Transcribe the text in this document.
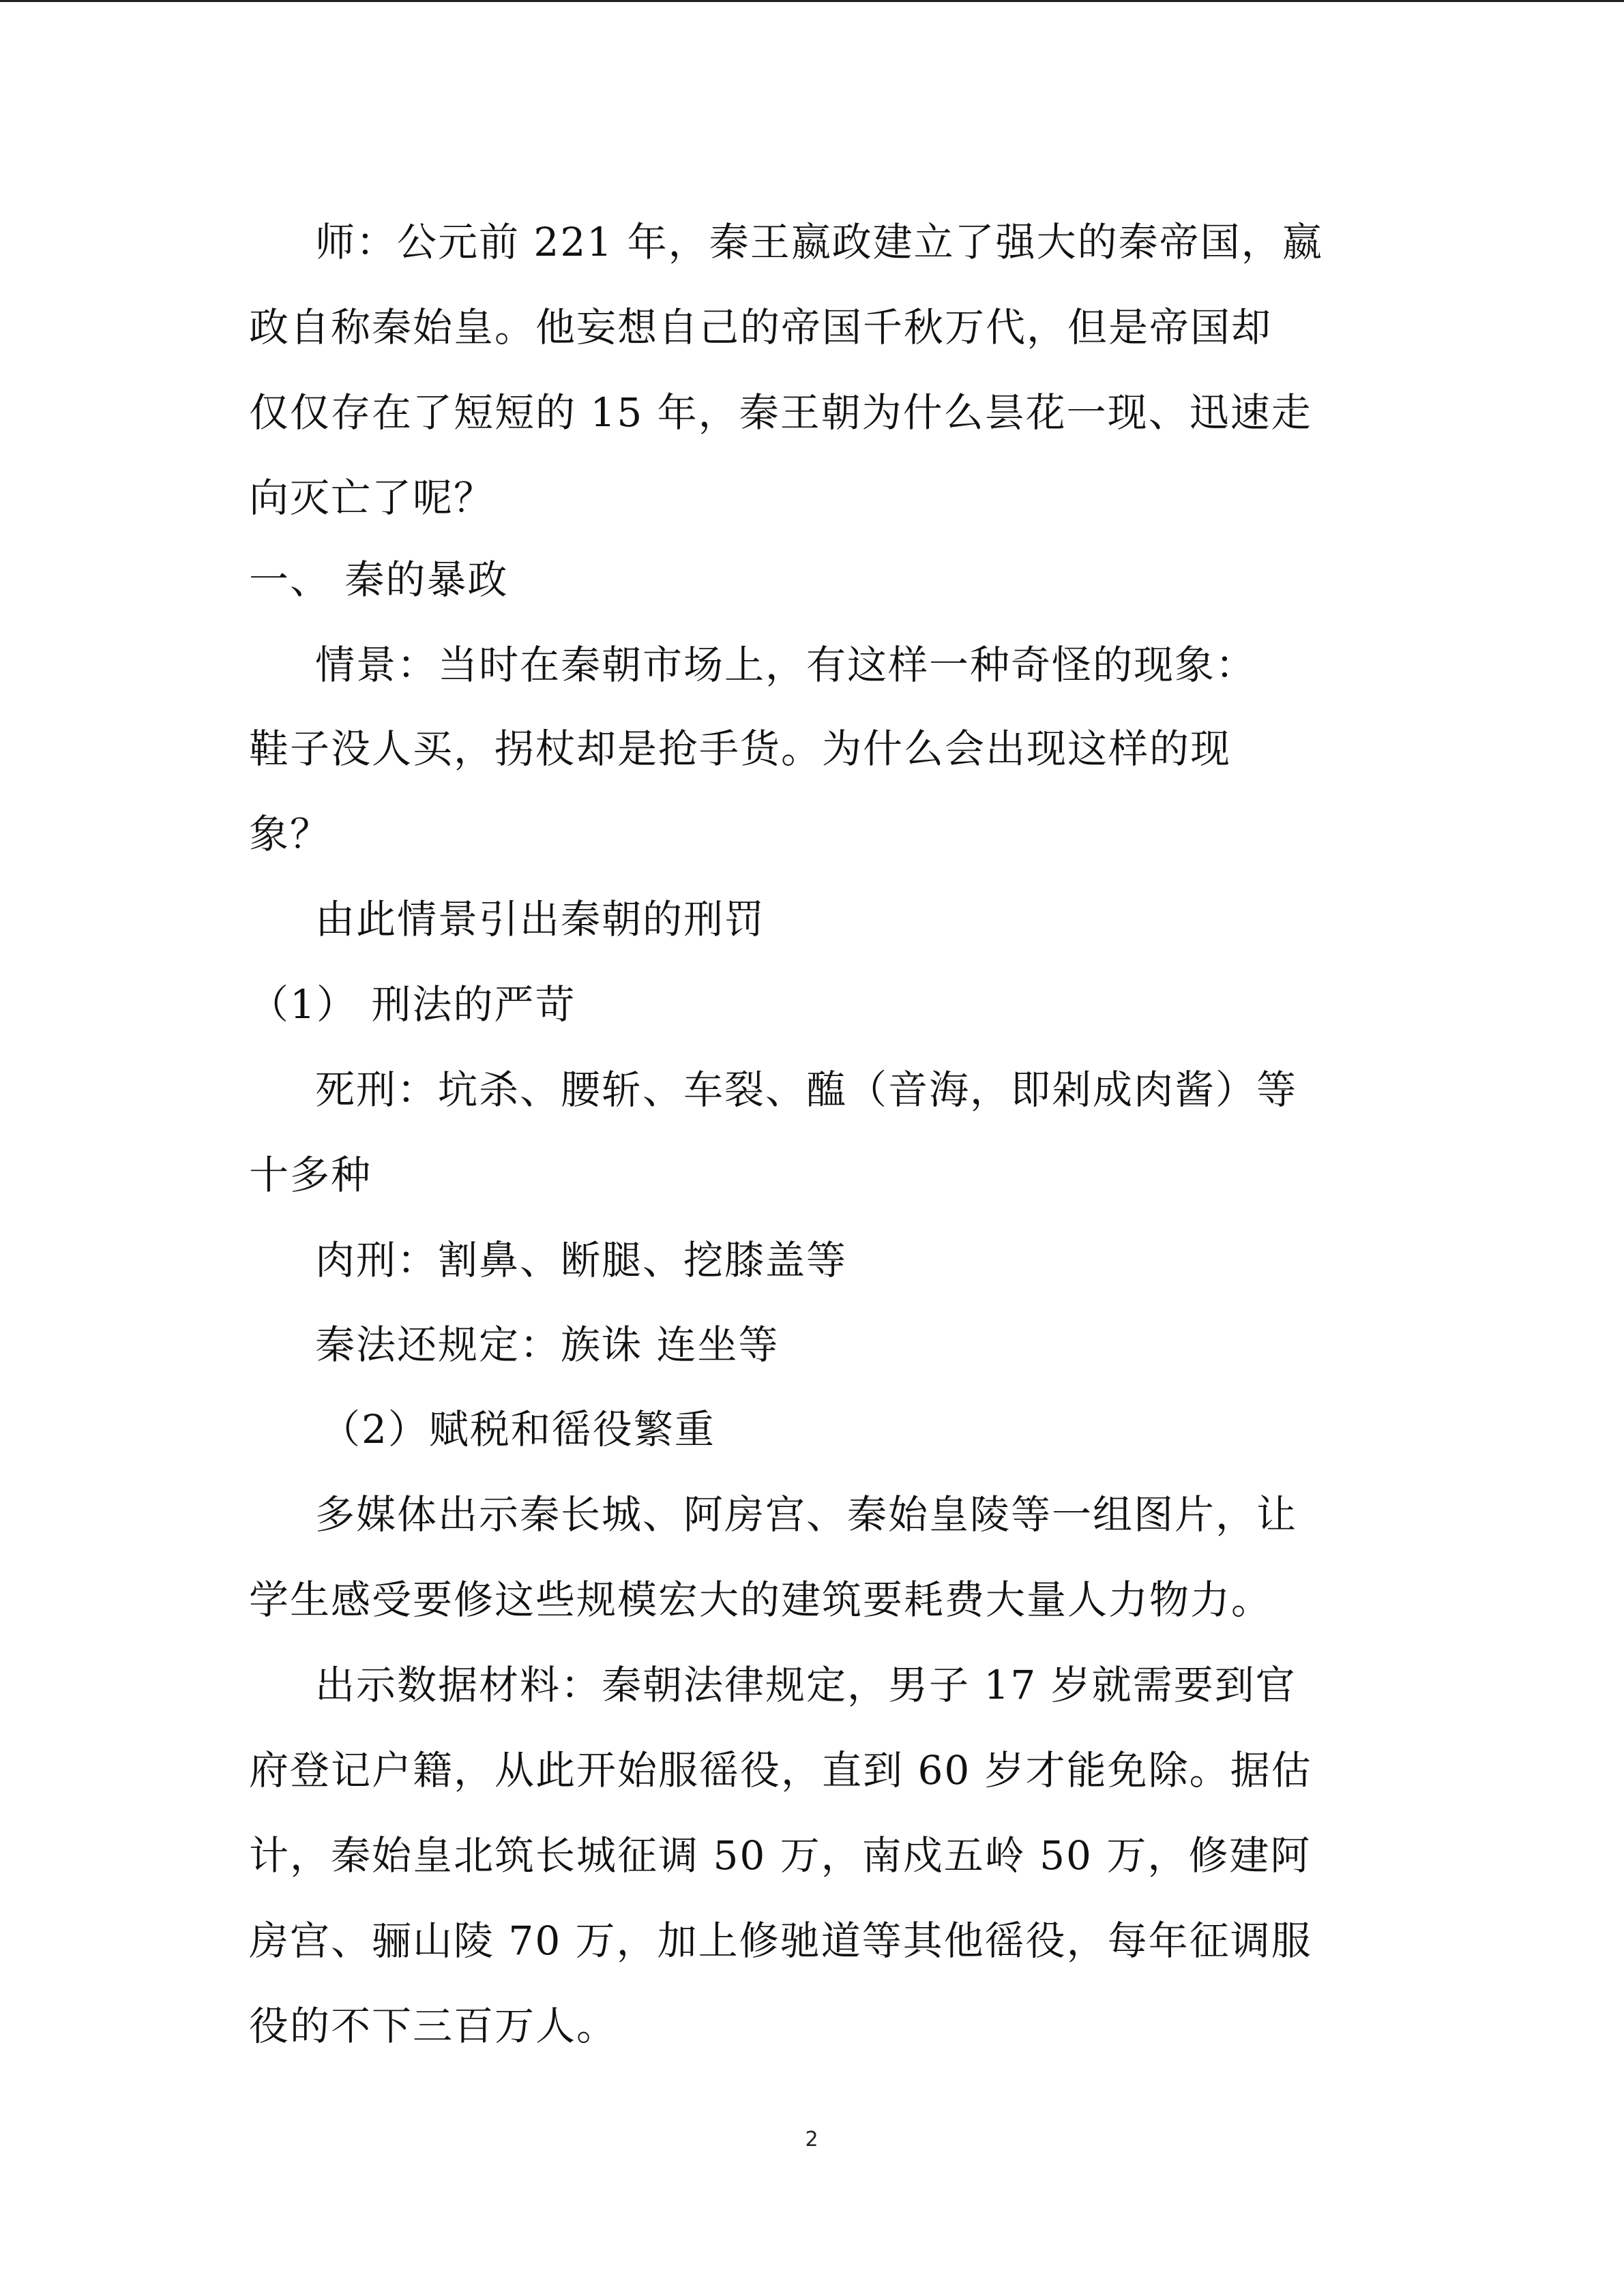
师：公元前 221 年，秦王嬴政建立了强大的秦帝国，嬴
政自称秦始皇。他妄想自己的帝国千秋万代，但是帝国却
仅仅存在了短短的 15 年，秦王朝为什么昙花一现、迅速走
向灭亡了呢？
一、 秦的暴政
情景：当时在秦朝市场上，有这样一种奇怪的现象：
鞋子没人买，拐杖却是抢手货。为什么会出现这样的现
象？
由此情景引出秦朝的刑罚
（1） 刑法的严苛
死刑：坑杀、腰斩、车裂、醢（音海，即剁成肉酱）等
十多种
肉刑：割鼻、断腿、挖膝盖等
秦法还规定：族诛 连坐等
（2）赋税和徭役繁重
多媒体出示秦长城、阿房宫、秦始皇陵等一组图片，让
学生感受要修这些规模宏大的建筑要耗费大量人力物力。
出示数据材料：秦朝法律规定，男子 17 岁就需要到官
府登记户籍，从此开始服徭役，直到 60 岁才能免除。据估
计，秦始皇北筑长城征调 50 万，南戍五岭 50 万，修建阿
房宫、骊山陵 70 万，加上修驰道等其他徭役，每年征调服
役的不下三百万人。
2
